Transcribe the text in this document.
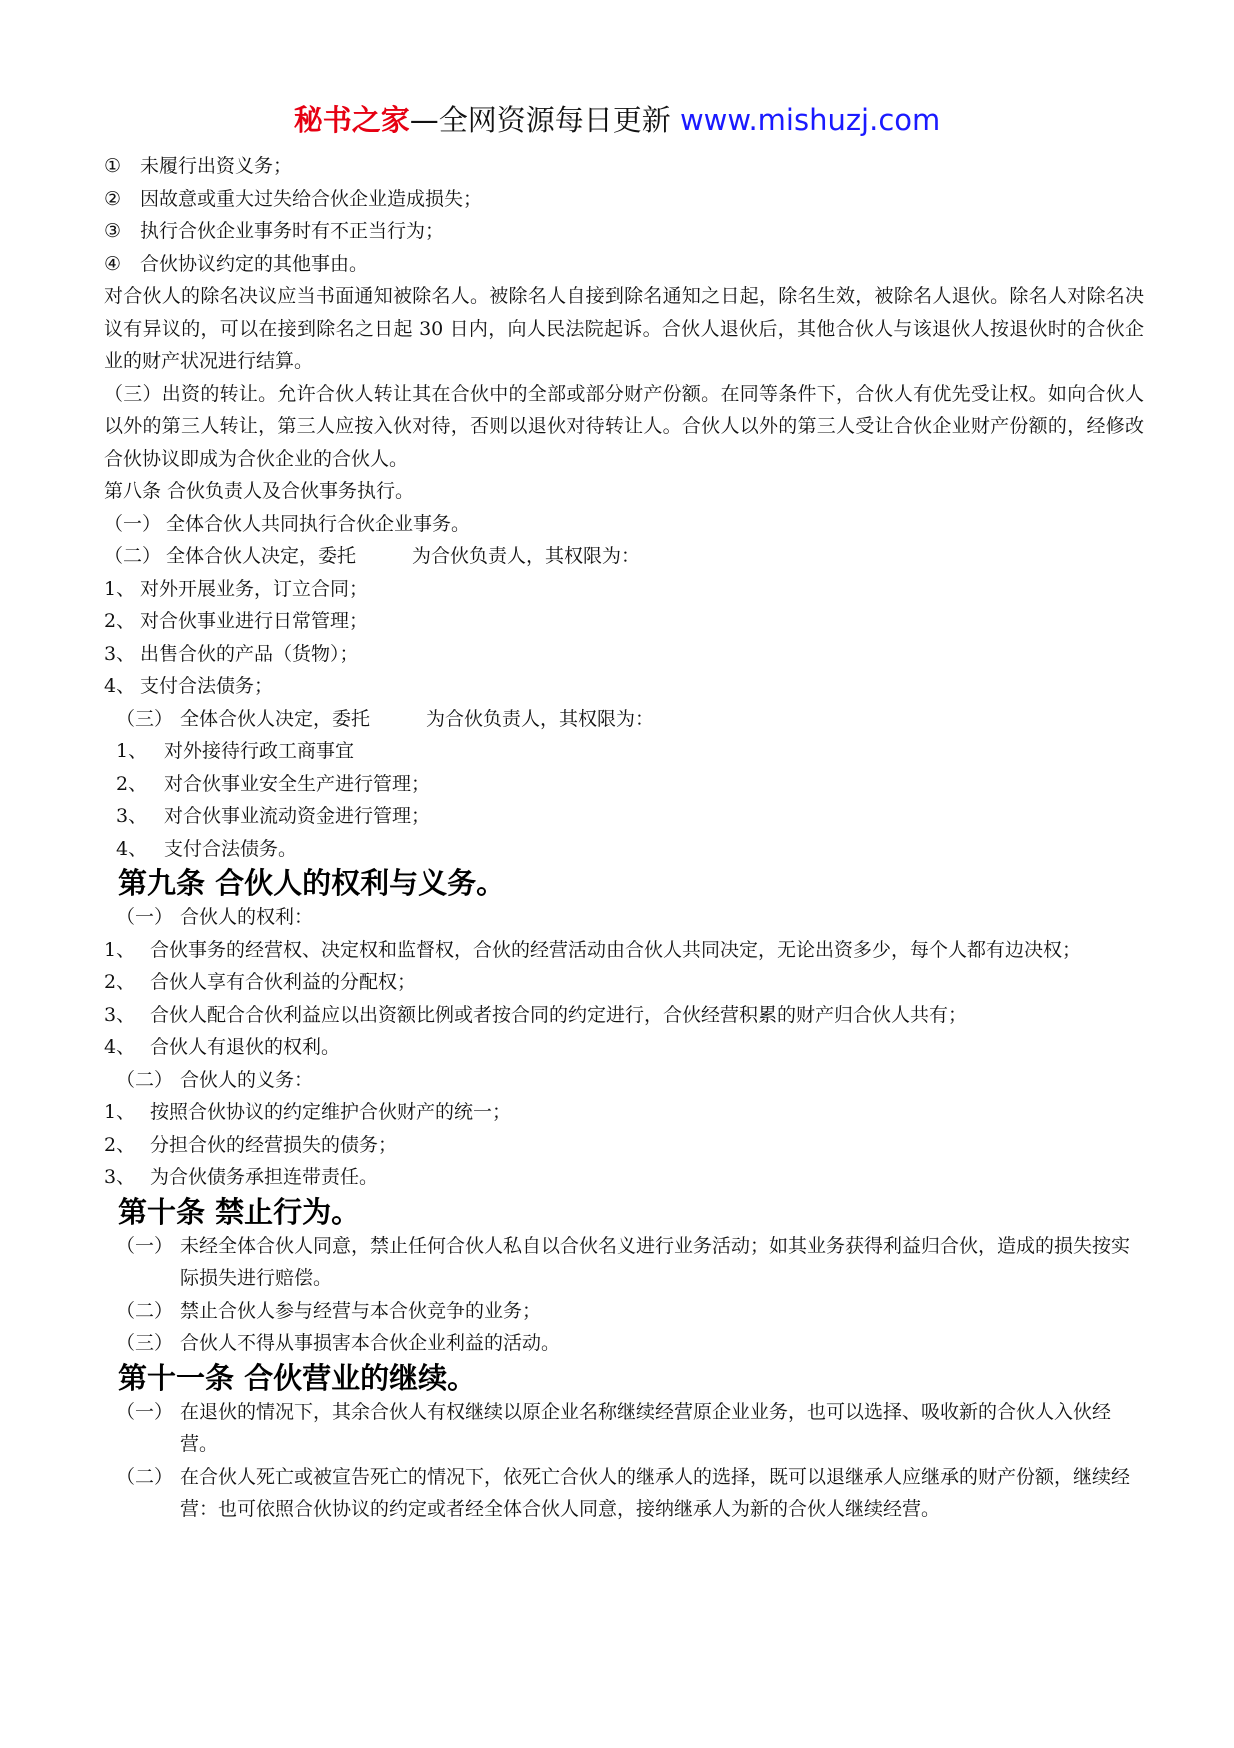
秘书之家—全网资源每日更新 www.mishuzj.com
① 未履行出资义务；
② 因故意或重大过失给合伙企业造成损失；
③ 执行合伙企业事务时有不正当行为；
④ 合伙协议约定的其他事由。
对合伙人的除名决议应当书面通知被除名人。被除名人自接到除名通知之日起，除名生效，被除名人退伙。除名人对除名决议有异议的，可以在接到除名之日起 30 日内，向人民法院起诉。合伙人退伙后，其他合伙人与该退伙人按退伙时的合伙企业的财产状况进行结算。
（三）出资的转让。允许合伙人转让其在合伙中的全部或部分财产份额。在同等条件下，合伙人有优先受让权。如向合伙人以外的第三人转让，第三人应按入伙对待，否则以退伙对待转让人。合伙人以外的第三人受让合伙企业财产份额的，经修改合伙协议即成为合伙企业的合伙人。
第八条 合伙负责人及合伙事务执行。
（一） 全体合伙人共同执行合伙企业事务。
（二） 全体合伙人决定，委托	为合伙负责人，其权限为：
1、 对外开展业务，订立合同；
2、 对合伙事业进行日常管理；
3、 出售合伙的产品（货物）；
4、 支付合法债务；
（三） 全体合伙人决定，委托	为合伙负责人，其权限为：
1、 对外接待行政工商事宜
2、 对合伙事业安全生产进行管理；
3、 对合伙事业流动资金进行管理；
4、 支付合法债务。
第九条 合伙人的权利与义务。
（一） 合伙人的权利：
1、 合伙事务的经营权、决定权和监督权，合伙的经营活动由合伙人共同决定，无论出资多少，每个人都有边决权；
2、 合伙人享有合伙利益的分配权；
3、 合伙人配合合伙利益应以出资额比例或者按合同的约定进行，合伙经营积累的财产归合伙人共有；
4、 合伙人有退伙的权利。
（二） 合伙人的义务：
1、 按照合伙协议的约定维护合伙财产的统一；
2、 分担合伙的经营损失的债务；
3、 为合伙债务承担连带责任。
第十条 禁止行为。
（一） 未经全体合伙人同意，禁止任何合伙人私自以合伙名义进行业务活动；如其业务获得利益归合伙，造成的损失按实际损失进行赔偿。
（二） 禁止合伙人参与经营与本合伙竞争的业务；
（三） 合伙人不得从事损害本合伙企业利益的活动。
第十一条 合伙营业的继续。
（一） 在退伙的情况下，其余合伙人有权继续以原企业名称继续经营原企业业务，也可以选择、吸收新的合伙人入伙经营。
（二） 在合伙人死亡或被宣告死亡的情况下，依死亡合伙人的继承人的选择，既可以退继承人应继承的财产份额，继续经营：也可依照合伙协议的约定或者经全体合伙人同意，接纳继承人为新的合伙人继续经营。
